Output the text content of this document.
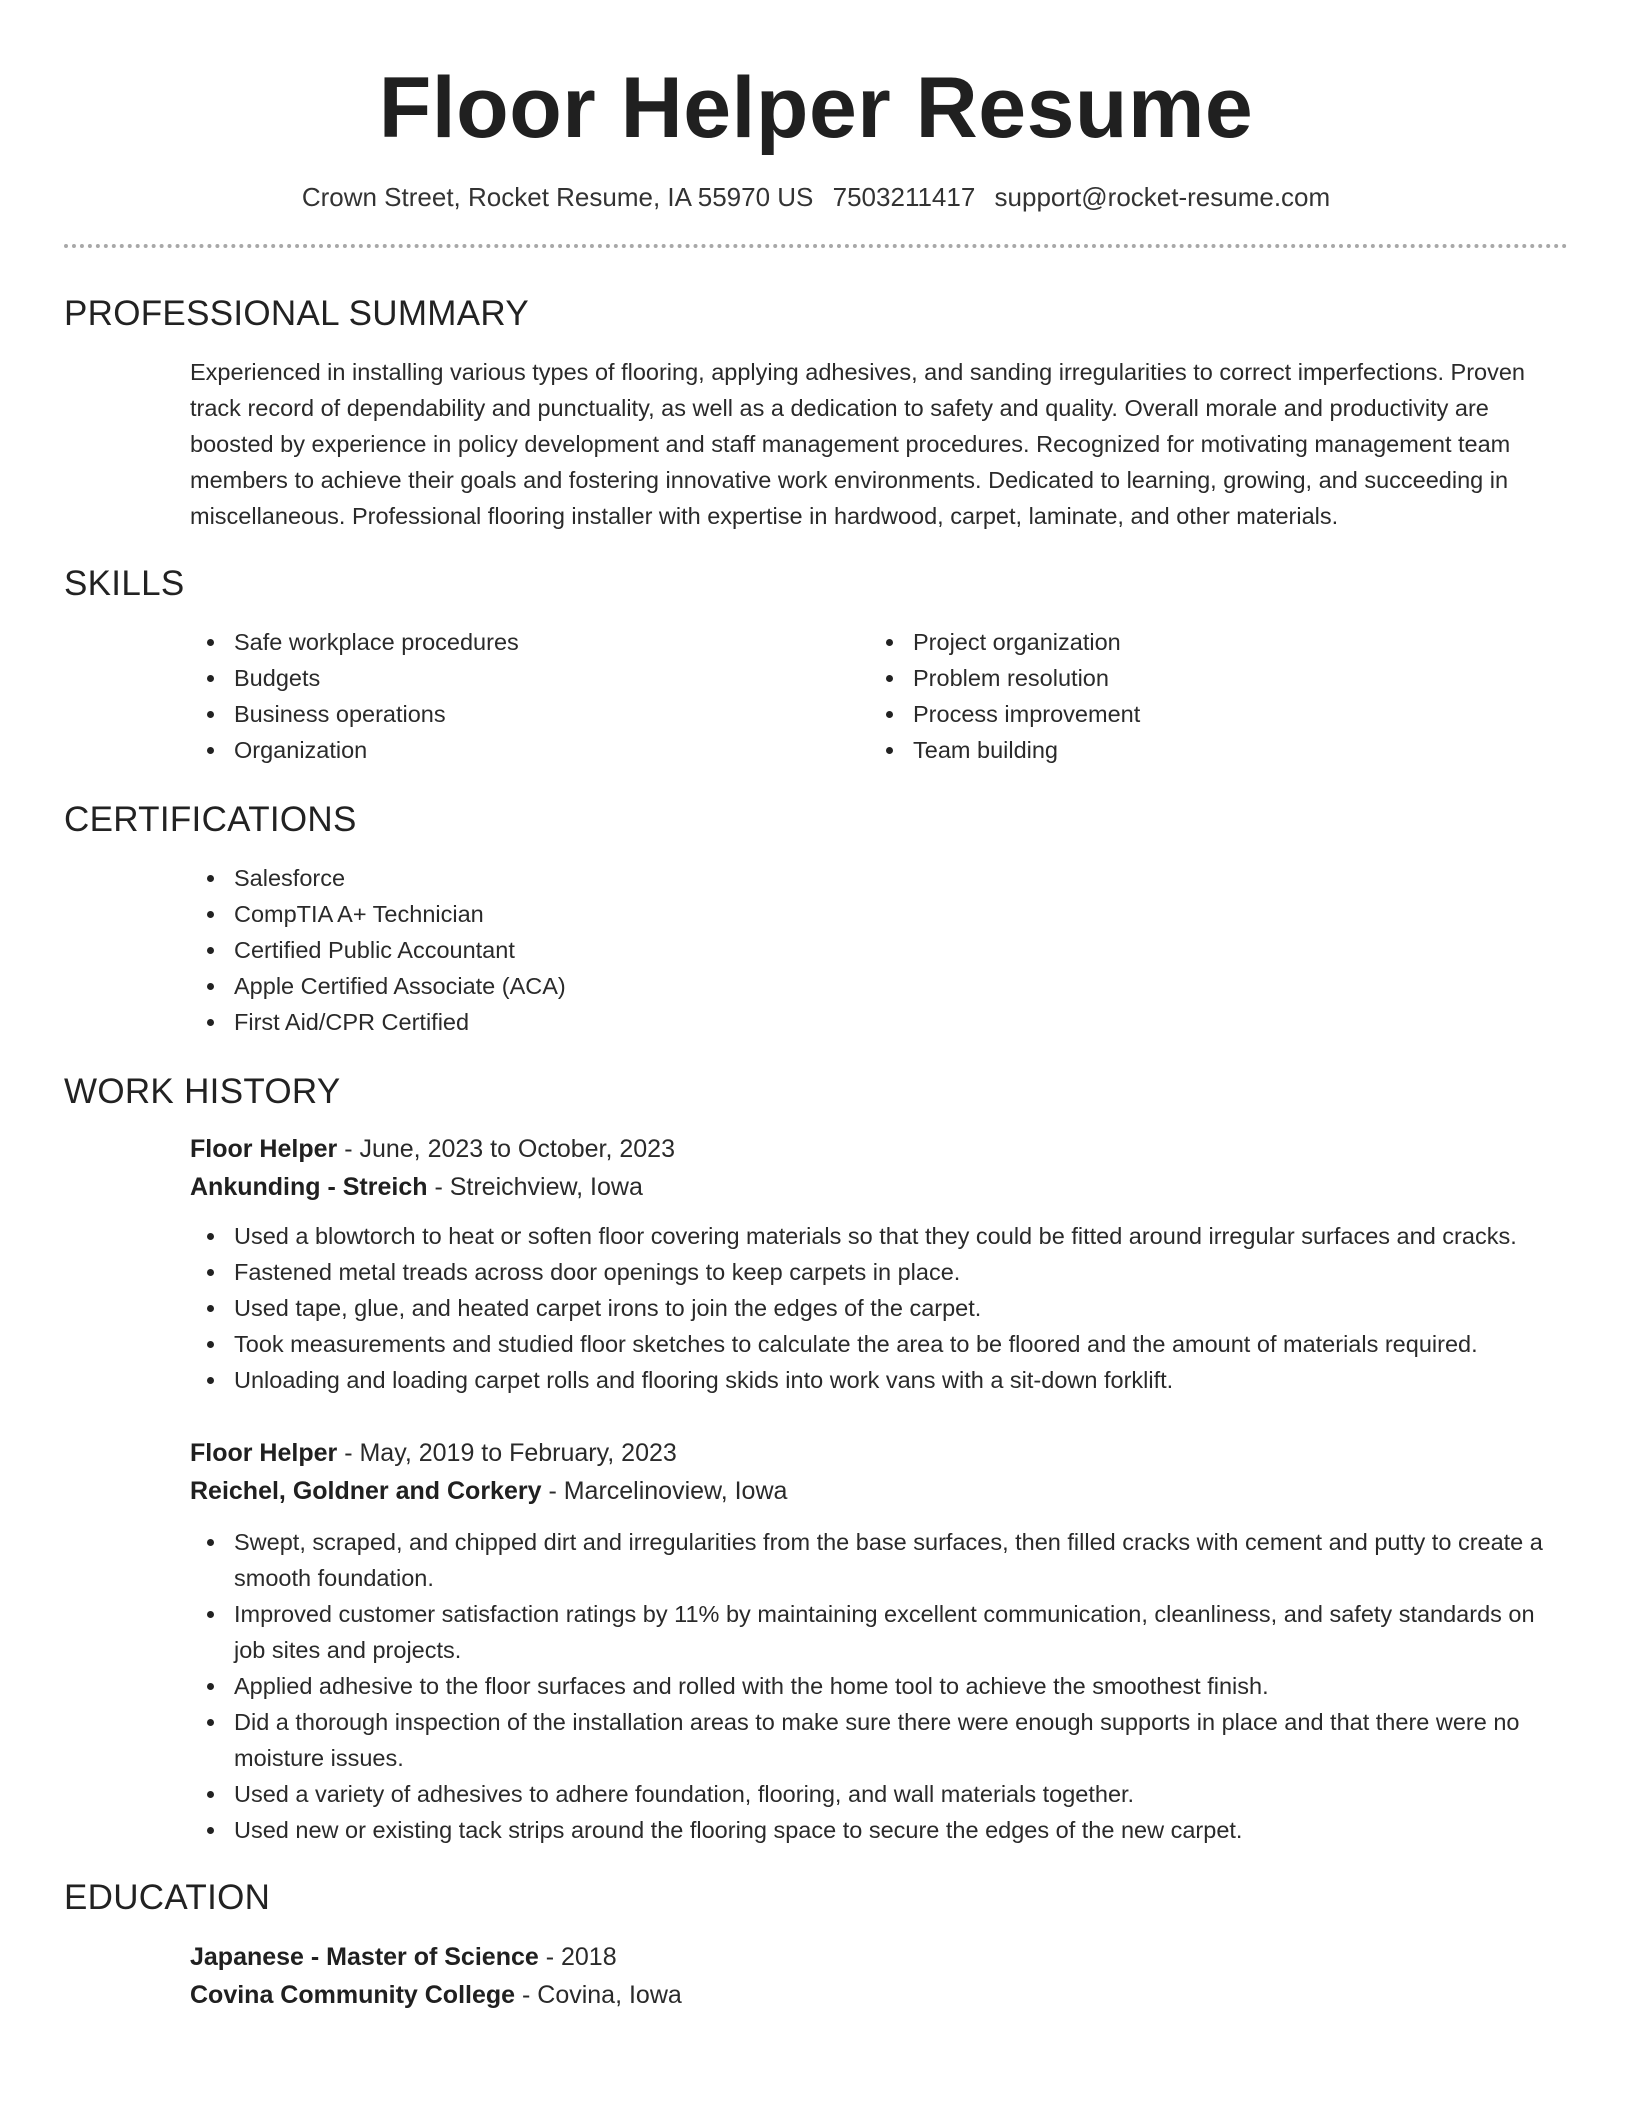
Floor Helper Resume
Crown Street, Rocket Resume, IA 55970 US 7503211417 support@rocket-resume.com
PROFESSIONAL SUMMARY

Experienced in installing various types of flooring, applying adhesives, and sanding irregularities to correct imperfections. Proven track record of dependability and punctuality, as well as a dedication to safety and quality. Overall morale and productivity are boosted by experience in policy development and staff management procedures. Recognized for motivating management team members to achieve their goals and fostering innovative work environments. Dedicated to learning, growing, and succeeding in miscellaneous. Professional flooring installer with expertise in hardwood, carpet, laminate, and other materials.

SKILLS
Safe workplace procedures
Budgets
Business operations
Organization
Project organization
Problem resolution
Process improvement
Team building
CERTIFICATIONS
Salesforce
CompTIA A+ Technician
Certified Public Accountant
Apple Certified Associate (ACA)
First Aid/CPR Certified
WORK HISTORY
Floor Helper - June, 2023 to October, 2023
Ankunding - Streich - Streichview, Iowa
Used a blowtorch to heat or soften floor covering materials so that they could be fitted around irregular surfaces and cracks.
Fastened metal treads across door openings to keep carpets in place.
Used tape, glue, and heated carpet irons to join the edges of the carpet.
Took measurements and studied floor sketches to calculate the area to be floored and the amount of materials required.
Unloading and loading carpet rolls and flooring skids into work vans with a sit-down forklift.
Floor Helper - May, 2019 to February, 2023
Reichel, Goldner and Corkery - Marcelinoview, Iowa
Swept, scraped, and chipped dirt and irregularities from the base surfaces, then filled cracks with cement and putty to create a smooth foundation.
Improved customer satisfaction ratings by 11% by maintaining excellent communication, cleanliness, and safety standards on job sites and projects.
Applied adhesive to the floor surfaces and rolled with the home tool to achieve the smoothest finish.
Did a thorough inspection of the installation areas to make sure there were enough supports in place and that there were no moisture issues.
Used a variety of adhesives to adhere foundation, flooring, and wall materials together.
Used new or existing tack strips around the flooring space to secure the edges of the new carpet.
EDUCATION
Japanese - Master of Science - 2018
Covina Community College - Covina, Iowa
